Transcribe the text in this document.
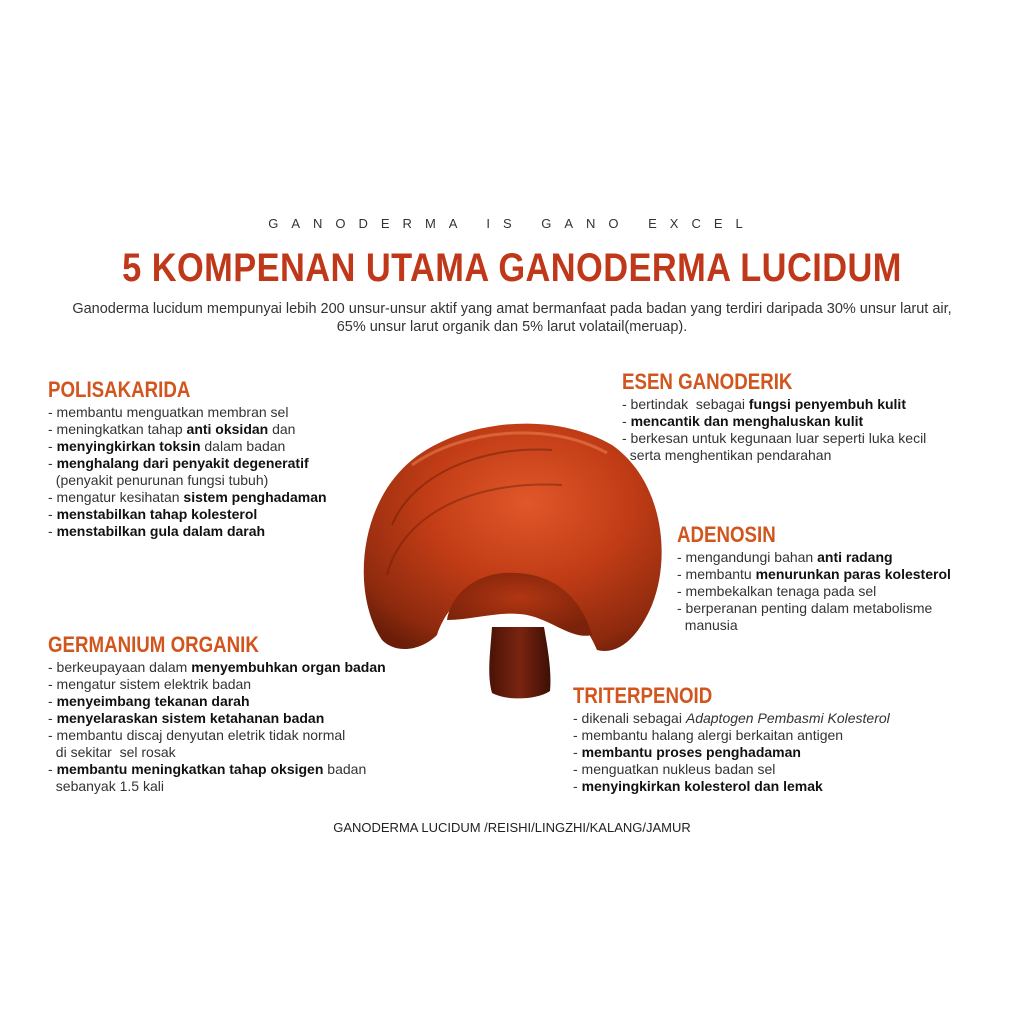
GANODERMA IS GANO EXCEL
5 KOMPENAN UTAMA GANODERMA LUCIDUM
Ganoderma lucidum mempunyai lebih 200 unsur-unsur aktif yang amat bermanfaat pada badan yang terdiri daripada 30% unsur larut air, 65% unsur larut organik dan 5% larut volatail(meruap).
POLISAKARIDA
- membantu menguatkan membran sel
- meningkatkan tahap anti oksidan dan
- menyingkirkan toksin dalam badan
- menghalang dari penyakit degeneratif
(penyakit penurunan fungsi tubuh)
- mengatur kesihatan sistem penghadaman
- menstabilkan tahap kolesterol
- menstabilkan gula dalam darah
ESEN GANODERIK
- bertindak  sebagai fungsi penyembuh kulit
- mencantik dan menghaluskan kulit
- berkesan untuk kegunaan luar seperti luka kecil
serta menghentikan pendarahan
ADENOSIN
- mengandungi bahan anti radang
- membantu menurunkan paras kolesterol
- membekalkan tenaga pada sel
- berperanan penting dalam metabolisme
manusia
GERMANIUM ORGANIK
- berkeupayaan dalam menyembuhkan organ badan
- mengatur sistem elektrik badan
- menyeimbang tekanan darah
- menyelaraskan sistem ketahanan badan
- membantu discaj denyutan eletrik tidak normal
di sekitar  sel rosak
- membantu meningkatkan tahap oksigen badan
sebanyak 1.5 kali
TRITERPENOID
- dikenali sebagai Adaptogen Pembasmi Kolesterol
- membantu halang alergi berkaitan antigen
- membantu proses penghadaman
- menguatkan nukleus badan sel
- menyingkirkan kolesterol dan lemak
GANODERMA LUCIDUM /REISHI/LINGZHI/KALANG/JAMUR
